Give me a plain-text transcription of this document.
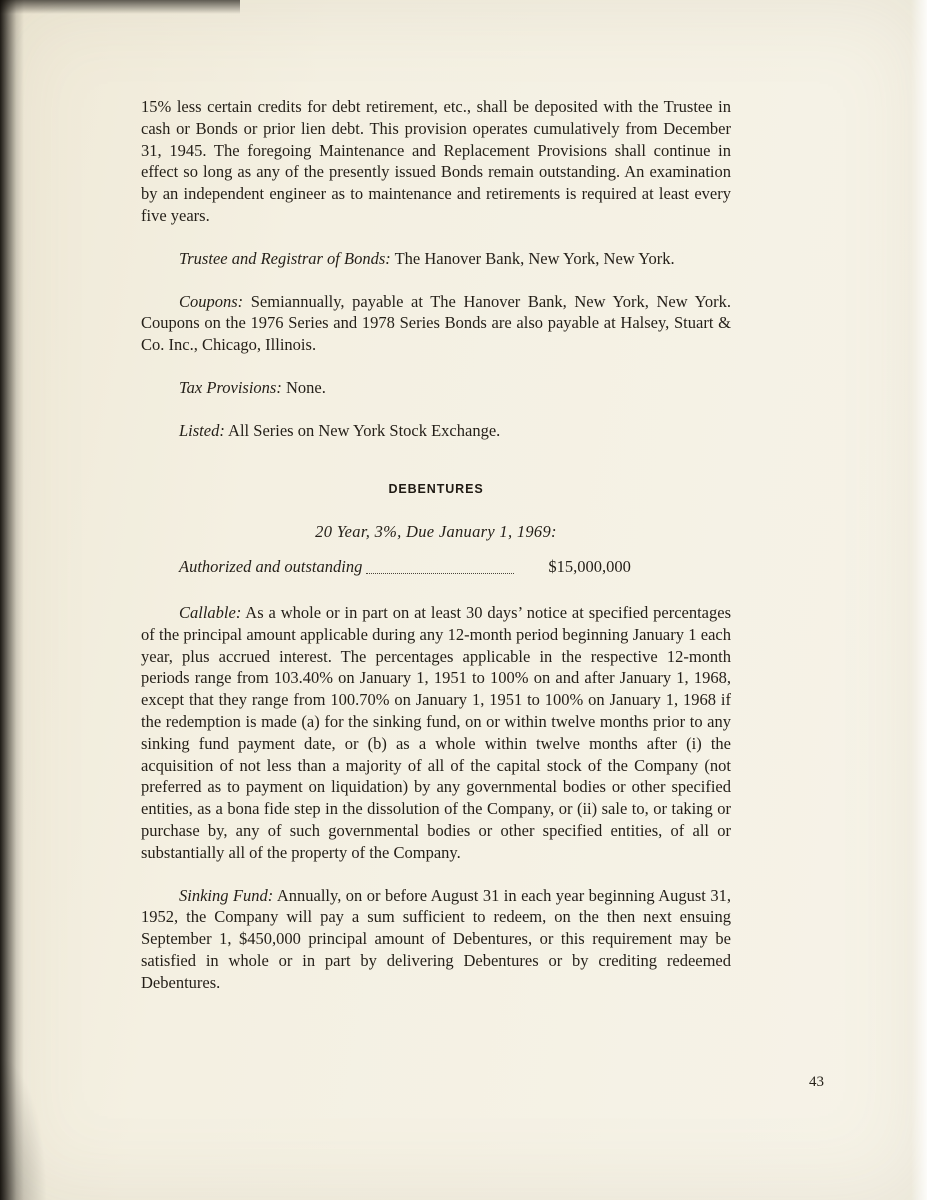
15% less certain credits for debt retirement, etc., shall be deposited with the Trustee in cash or Bonds or prior lien debt. This provision operates cumulatively from December 31, 1945. The foregoing Maintenance and Replacement Provisions shall continue in effect so long as any of the presently issued Bonds remain outstanding. An examination by an independent engineer as to maintenance and retirements is required at least every five years.

Trustee and Registrar of Bonds: The Hanover Bank, New York, New York.

Coupons: Semiannually, payable at The Hanover Bank, New York, New York. Coupons on the 1976 Series and 1978 Series Bonds are also payable at Halsey, Stuart & Co. Inc., Chicago, Illinois.

Tax Provisions: None.

Listed: All Series on New York Stock Exchange.

DEBENTURES

20 Year, 3%, Due January 1, 1969:

Authorized and outstanding	$15,000,000

Callable: As a whole or in part on at least 30 days’ notice at specified percentages of the principal amount applicable during any 12-month period beginning January 1 each year, plus accrued interest. The percentages applicable in the respective 12-month periods range from 103.40% on January 1, 1951 to 100% on and after January 1, 1968, except that they range from 100.70% on January 1, 1951 to 100% on January 1, 1968 if the redemption is made (a) for the sinking fund, on or within twelve months prior to any sinking fund payment date, or (b) as a whole within twelve months after (i) the acquisition of not less than a majority of all of the capital stock of the Company (not preferred as to payment on liquidation) by any governmental bodies or other specified entities, as a bona fide step in the dissolution of the Company, or (ii) sale to, or taking or purchase by, any of such governmental bodies or other specified entities, of all or substantially all of the property of the Company.

Sinking Fund: Annually, on or before August 31 in each year beginning August 31, 1952, the Company will pay a sum sufficient to redeem, on the then next ensuing September 1, $450,000 principal amount of Debentures, or this requirement may be satisfied in whole or in part by delivering Debentures or by crediting redeemed Debentures.

43
